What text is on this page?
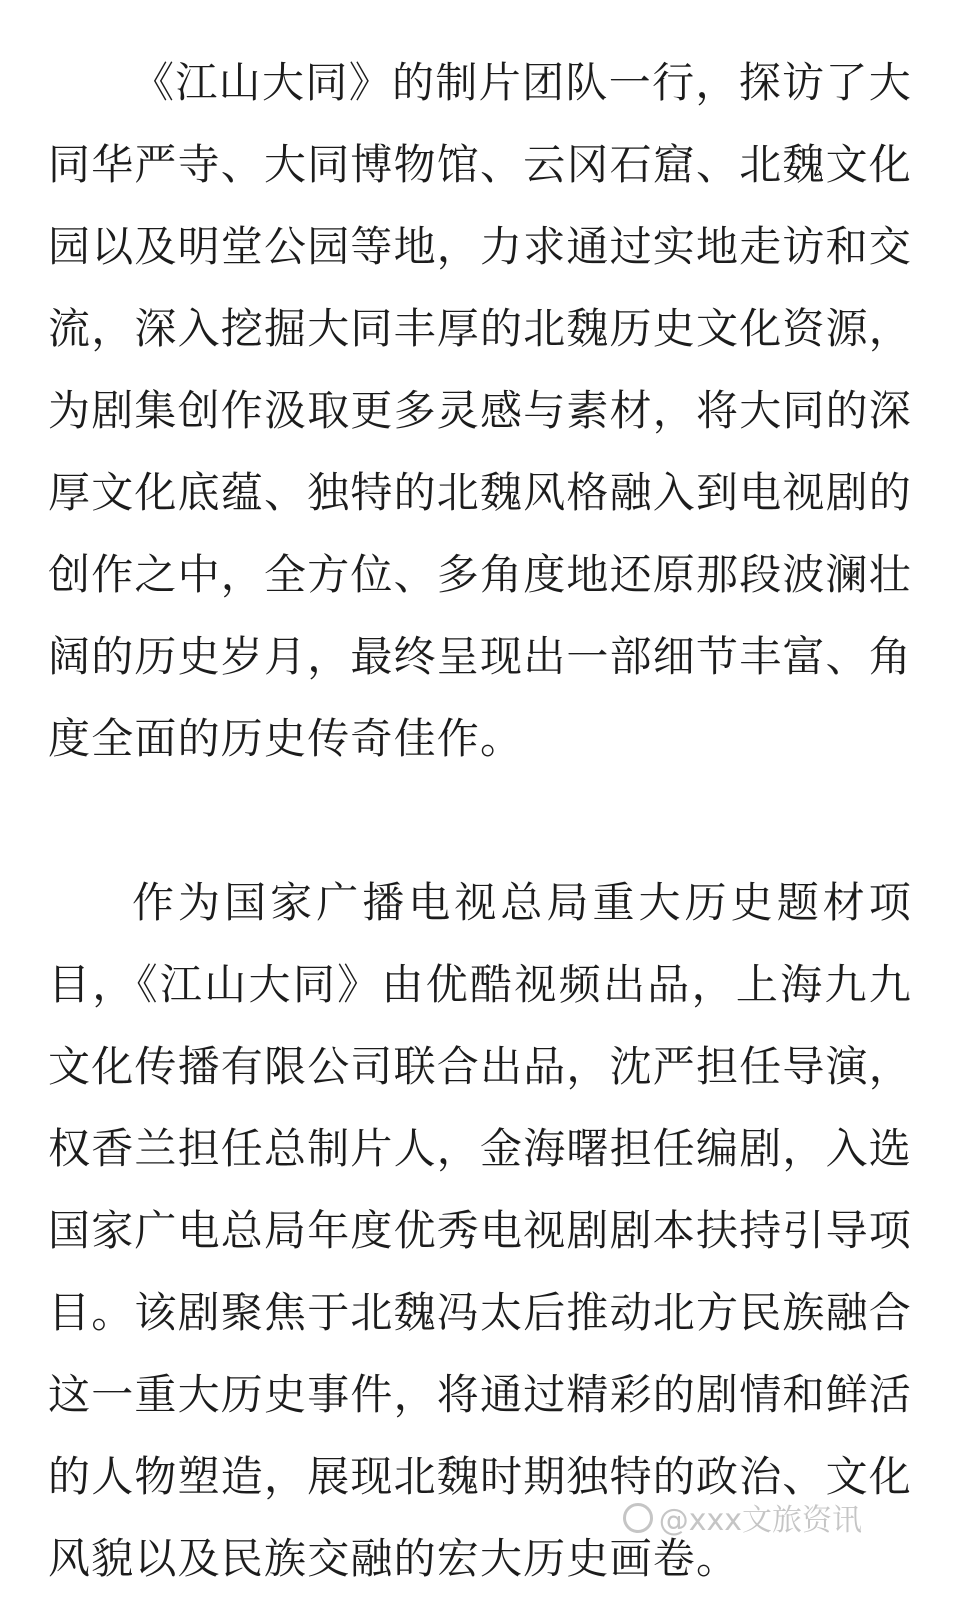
《江山大同》的制片团队一行，探访了大同华严寺、大同博物馆、云冈石窟、北魏文化园以及明堂公园等地，力求通过实地走访和交流，深入挖掘大同丰厚的北魏历史文化资源，为剧集创作汲取更多灵感与素材，将大同的深厚文化底蕴、独特的北魏风格融入到电视剧的创作之中，全方位、多角度地还原那段波澜壮阔的历史岁月，最终呈现出一部细节丰富、角度全面的历史传奇佳作。

作为国家广播电视总局重大历史题材项目，《江山大同》由优酷视频出品，上海九九文化传播有限公司联合出品，沈严担任导演，权香兰担任总制片人，金海曙担任编剧，入选国家广电总局年度优秀电视剧剧本扶持引导项目。该剧聚焦于北魏冯太后推动北方民族融合这一重大历史事件，将通过精彩的剧情和鲜活的人物塑造，展现北魏时期独特的政治、文化风貌以及民族交融的宏大历史画卷。

@xxx文旅资讯
